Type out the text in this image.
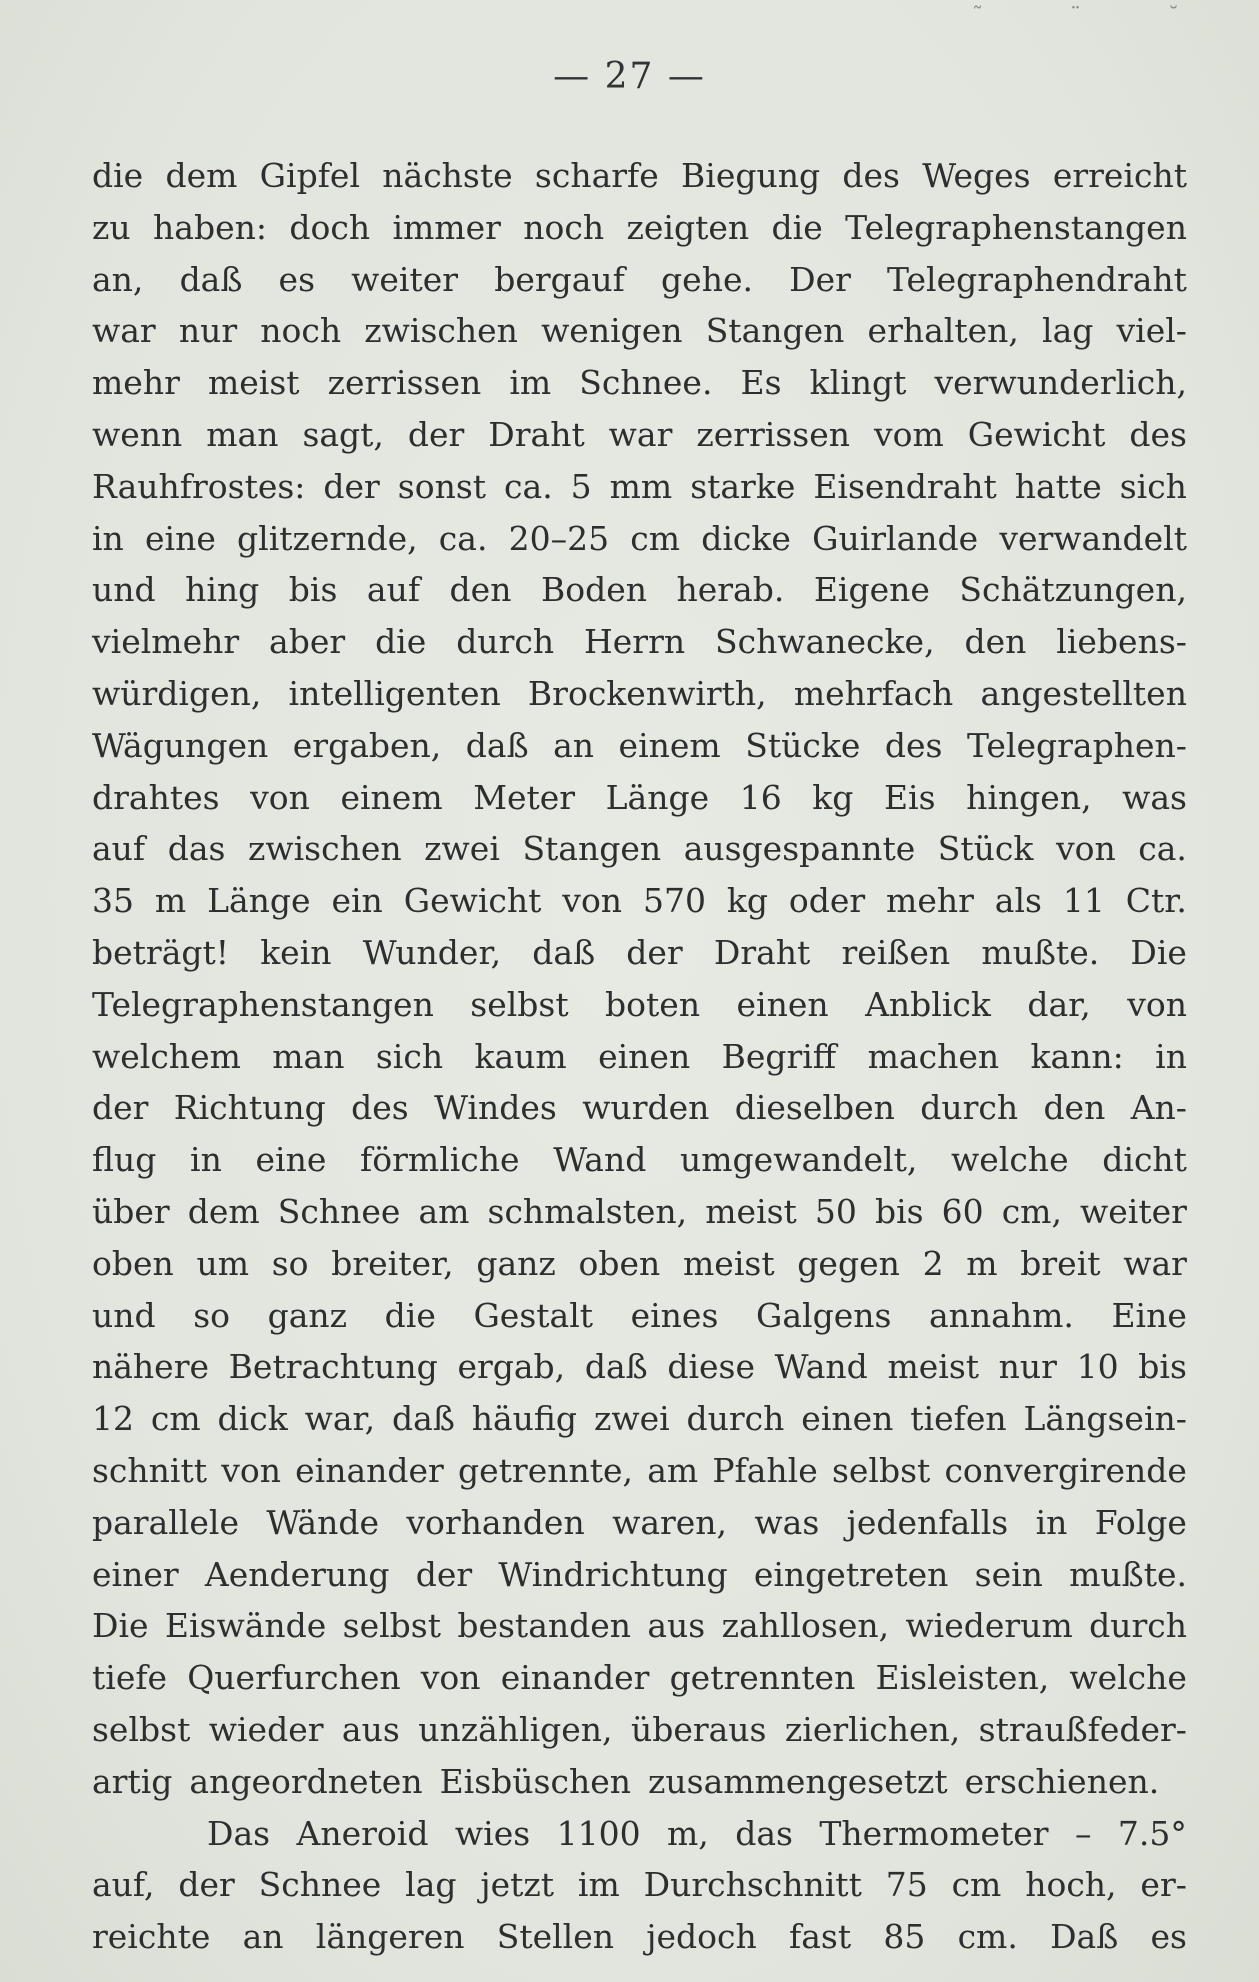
˜ ¨ ˘
— 27 —
die dem Gipfel nächste scharfe Biegung des Weges erreicht
zu haben: doch immer noch zeigten die Telegraphenstangen
an, daß es weiter bergauf gehe. Der Telegraphendraht
war nur noch zwischen wenigen Stangen erhalten, lag viel-
mehr meist zerrissen im Schnee. Es klingt verwunderlich,
wenn man sagt, der Draht war zerrissen vom Gewicht des
Rauhfrostes: der sonst ca. 5 mm starke Eisendraht hatte sich
in eine glitzernde, ca. 20–25 cm dicke Guirlande verwandelt
und hing bis auf den Boden herab. Eigene Schätzungen,
vielmehr aber die durch Herrn Schwanecke, den liebens-
würdigen, intelligenten Brockenwirth, mehrfach angestellten
Wägungen ergaben, daß an einem Stücke des Telegraphen-
drahtes von einem Meter Länge 16 kg Eis hingen, was
auf das zwischen zwei Stangen ausgespannte Stück von ca.
35 m Länge ein Gewicht von 570 kg oder mehr als 11 Ctr.
beträgt! kein Wunder, daß der Draht reißen mußte. Die
Telegraphenstangen selbst boten einen Anblick dar, von
welchem man sich kaum einen Begriff machen kann: in
der Richtung des Windes wurden dieselben durch den An-
flug in eine förmliche Wand umgewandelt, welche dicht
über dem Schnee am schmalsten, meist 50 bis 60 cm, weiter
oben um so breiter, ganz oben meist gegen 2 m breit war
und so ganz die Gestalt eines Galgens annahm. Eine
nähere Betrachtung ergab, daß diese Wand meist nur 10 bis
12 cm dick war, daß häufig zwei durch einen tiefen Längsein-
schnitt von einander getrennte, am Pfahle selbst convergirende
parallele Wände vorhanden waren, was jedenfalls in Folge
einer Aenderung der Windrichtung eingetreten sein mußte.
Die Eiswände selbst bestanden aus zahllosen, wiederum durch
tiefe Querfurchen von einander getrennten Eisleisten, welche
selbst wieder aus unzähligen, überaus zierlichen, straußfeder-
artig angeordneten Eisbüschen zusammengesetzt erschienen.
Das Aneroid wies 1100 m, das Thermometer – 7.5°
auf, der Schnee lag jetzt im Durchschnitt 75 cm hoch, er-
reichte an längeren Stellen jedoch fast 85 cm. Daß es
